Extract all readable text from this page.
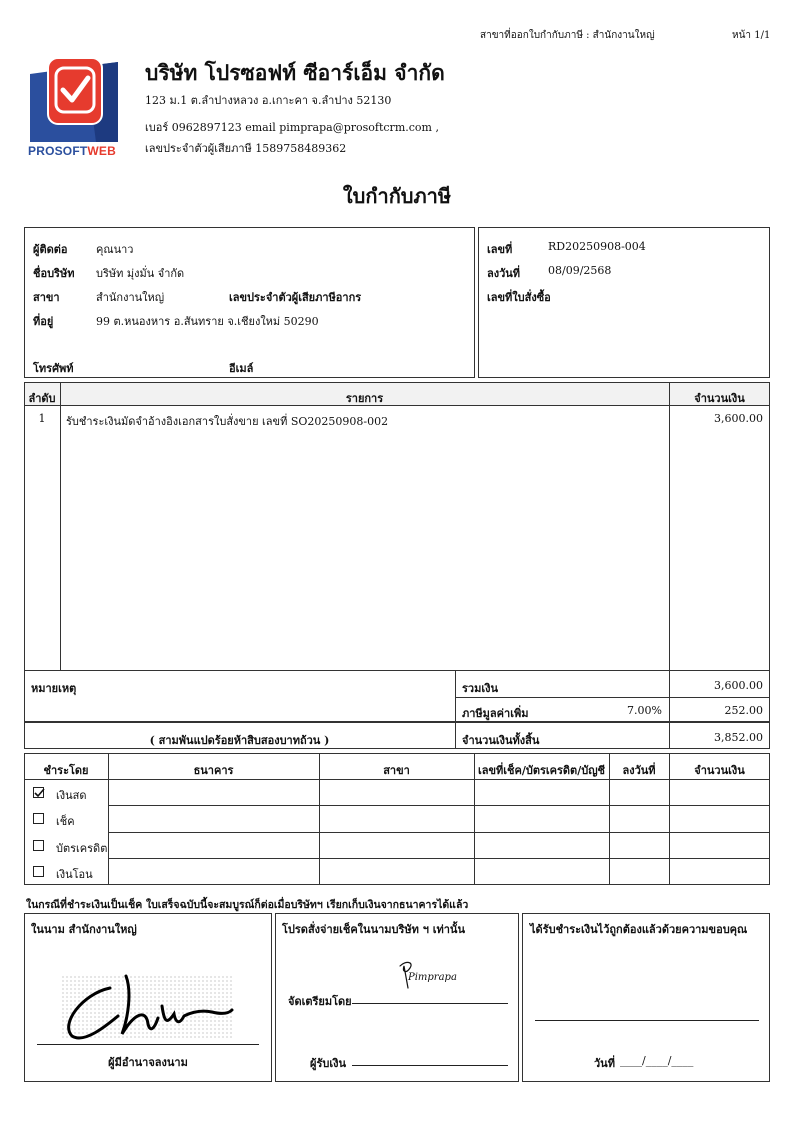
สาขาที่ออกใบกำกับภาษี : สำนักงานใหญ่	หน้า 1/1
PROSOFTWEB
บริษัท โปรซอฟท์ ซีอาร์เอ็ม จำกัด
123 ม.1 ต.ลำปางหลวง อ.เกาะคา จ.ลำปาง 52130
เบอร์ 0962897123 email pimprapa@prosoftcrm.com ,
เลขประจำตัวผู้เสียภาษี 1589758489362
ใบกำกับภาษี
ผู้ติดต่อ	คุณนาว
ชื่อบริษัท บริษัท มุ่งมั่น จำกัด
สาขา	สำนักงานใหญ่	เลขประจำตัวผู้เสียภาษีอากร
ที่อยู่	99 ต.หนองหาร อ.สันทราย จ.เชียงใหม่ 50290
โทรศัพท์	อีเมล์
เลขที่	RD20250908-004
ลงวันที่	08/09/2568
เลขที่ใบสั่งซื้อ
ลำดับ	รายการ	จำนวนเงิน
1	รับชำระเงินมัดจำอ้างอิงเอกสารใบสั่งขาย เลขที่ SO20250908-002	3,600.00
หมายเหตุ	รวมเงิน	3,600.00
ภาษีมูลค่าเพิ่ม	7.00%	252.00
( สามพันแปดร้อยห้าสิบสองบาทถ้วน )	จำนวนเงินทั้งสิ้น	3,852.00
ชำระโดย	ธนาคาร	สาขา	เลขที่เช็ค/บัตรเครดิต/บัญชี	ลงวันที่	จำนวนเงิน
เงินสด
เช็ค
บัตรเครดิต
เงินโอน
ในกรณีที่ชำระเงินเป็นเช็ค ใบเสร็จฉบับนี้จะสมบูรณ์ก็ต่อเมื่อบริษัทฯ เรียกเก็บเงินจากธนาคารได้แล้ว
ในนาม สำนักงานใหญ่
ผู้มีอำนาจลงนาม
โปรดสั่งจ่ายเช็คในนามบริษัท ฯ เท่านั้น
Pimprapa
จัดเตรียมโดย
ผู้รับเงิน
ได้รับชำระเงินไว้ถูกต้องแล้วด้วยความขอบคุณ
วันที่ ____/____/____
